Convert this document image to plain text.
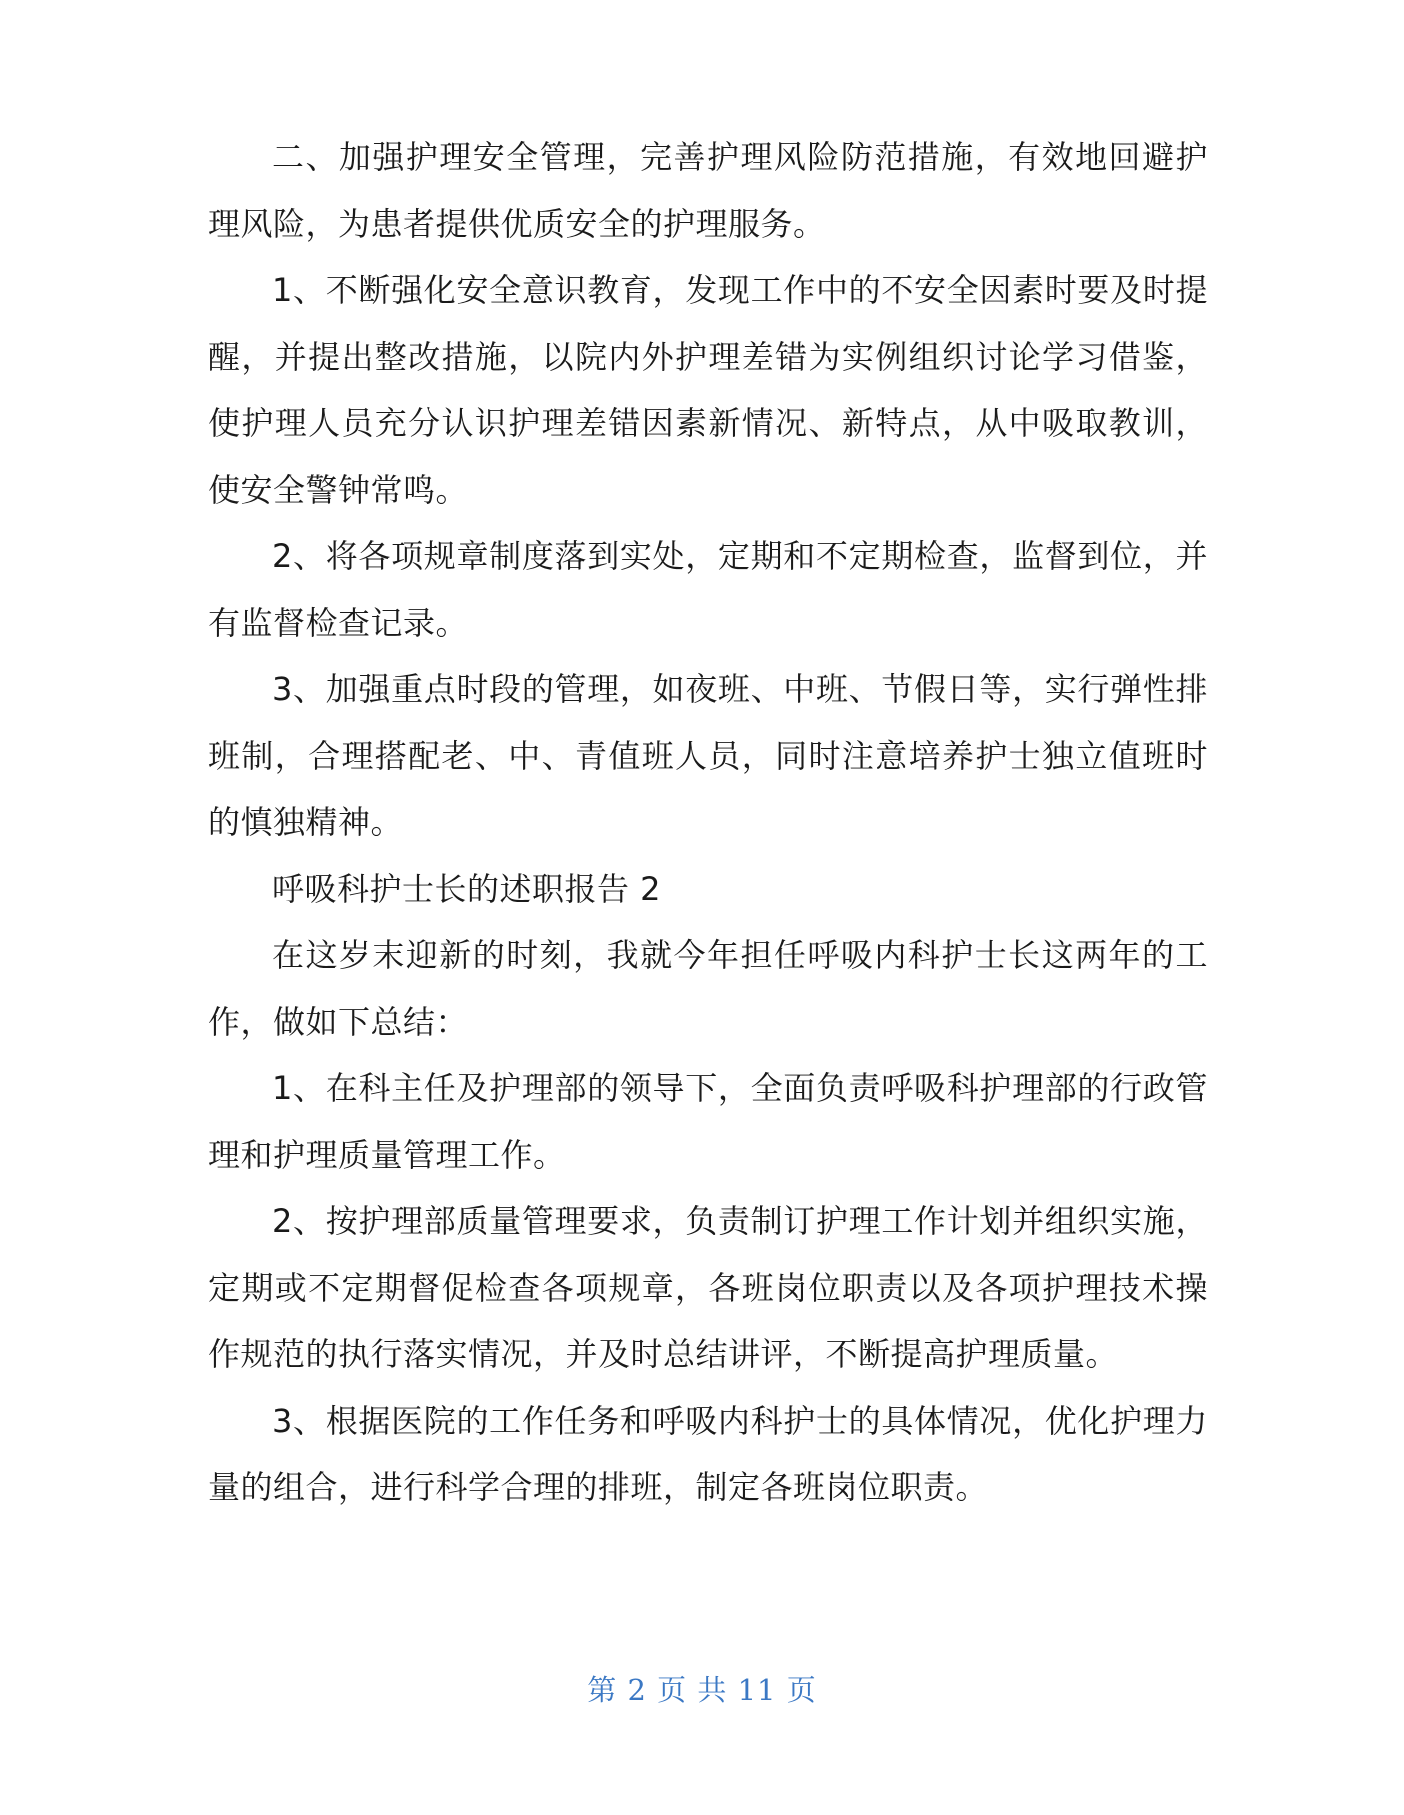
二、加强护理安全管理，完善护理风险防范措施，有效地回避护理风险，为患者提供优质安全的护理服务。

1、不断强化安全意识教育，发现工作中的不安全因素时要及时提醒，并提出整改措施，以院内外护理差错为实例组织讨论学习借鉴，使护理人员充分认识护理差错因素新情况、新特点，从中吸取教训，使安全警钟常鸣。

2、将各项规章制度落到实处，定期和不定期检查，监督到位，并有监督检查记录。

3、加强重点时段的管理，如夜班、中班、节假日等，实行弹性排班制，合理搭配老、中、青值班人员，同时注意培养护士独立值班时的慎独精神。

呼吸科护士长的述职报告 2

在这岁末迎新的时刻，我就今年担任呼吸内科护士长这两年的工作，做如下总结：

1、在科主任及护理部的领导下，全面负责呼吸科护理部的行政管理和护理质量管理工作。

2、按护理部质量管理要求，负责制订护理工作计划并组织实施，定期或不定期督促检查各项规章，各班岗位职责以及各项护理技术操作规范的执行落实情况，并及时总结讲评，不断提高护理质量。

3、根据医院的工作任务和呼吸内科护士的具体情况，优化护理力量的组合，进行科学合理的排班，制定各班岗位职责。

第 2 页 共 11 页
